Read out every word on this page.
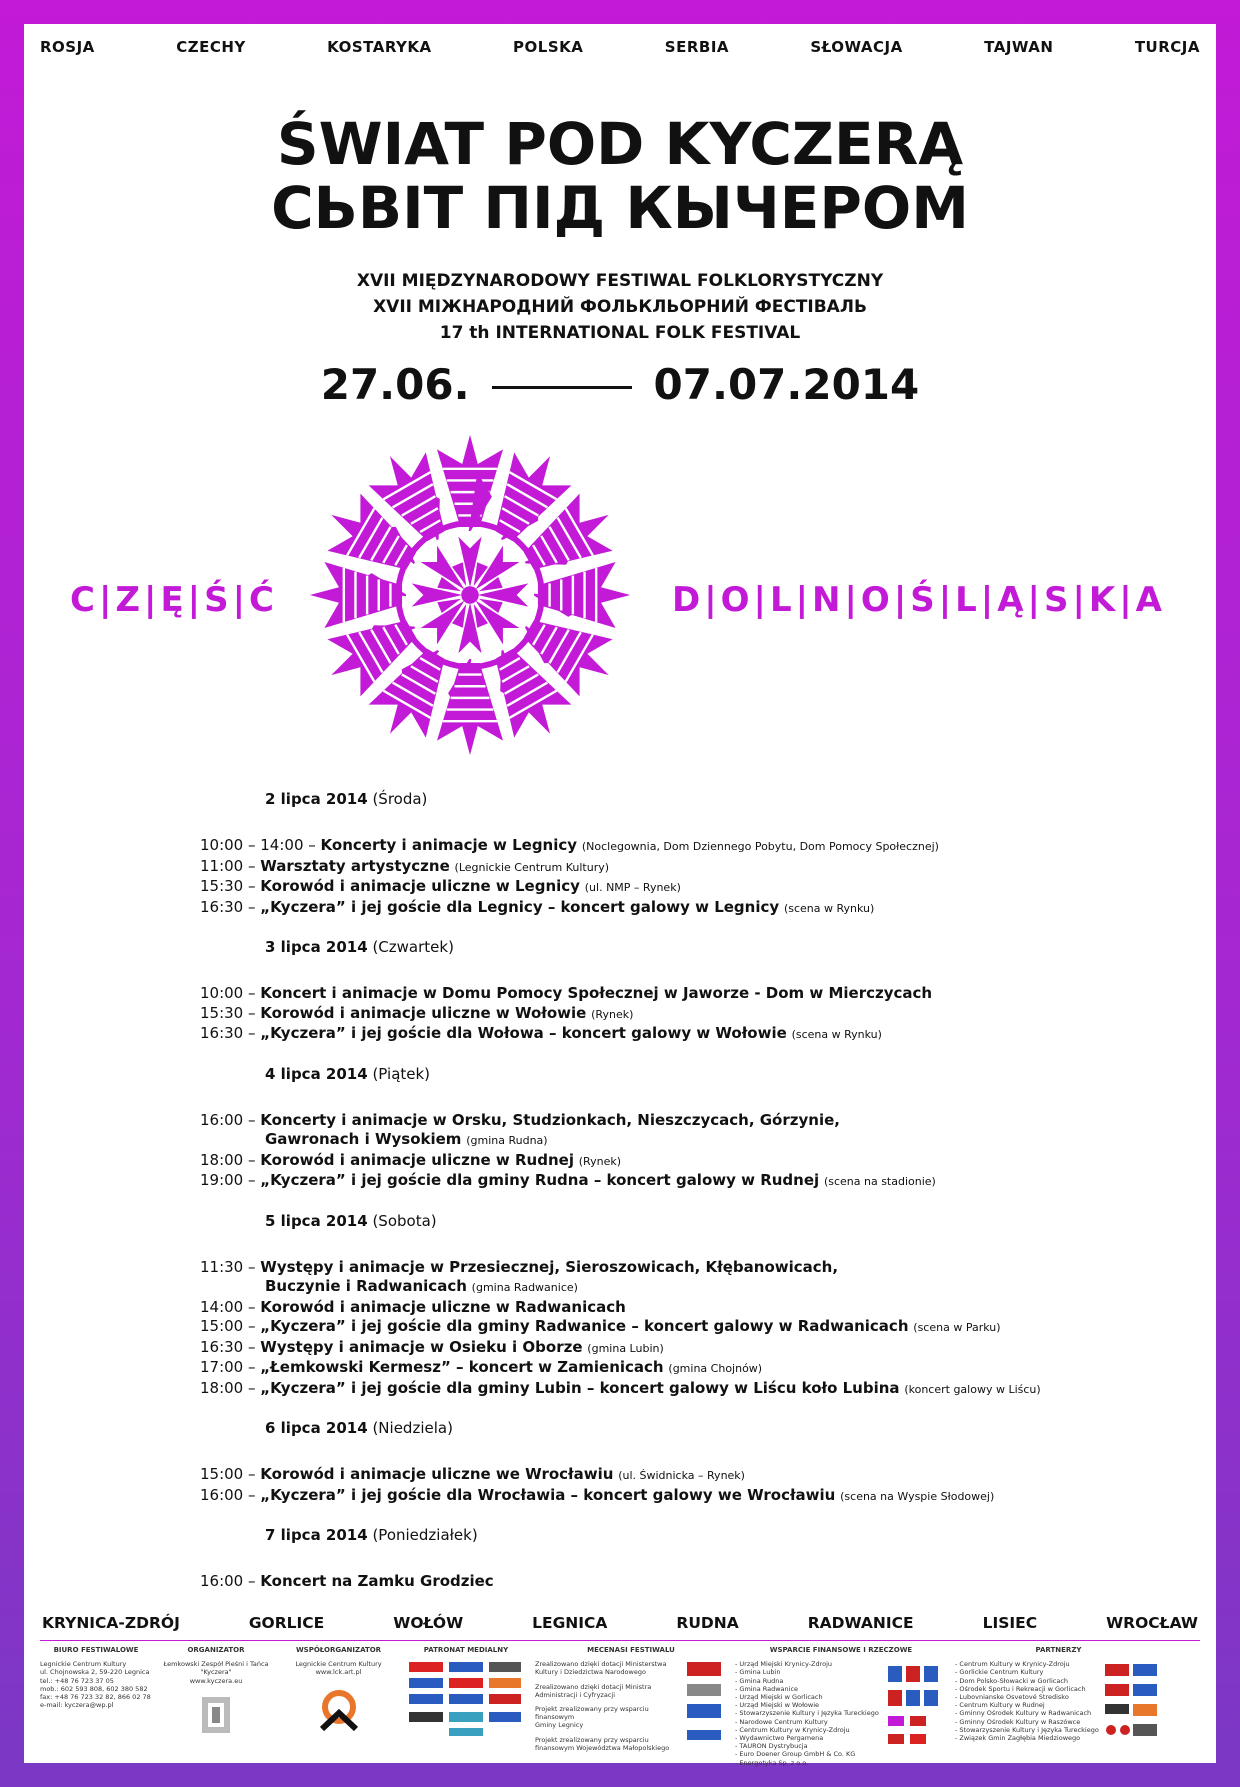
ROSJA	CZECHY	KOSTARYKA	POLSKA	SERBIA	SŁOWACJA	TAJWAN	TURCJA
ŚWIAT POD KYCZERĄ
СЬВІТ ПІД КЫЧЕРОМ
XVII MIĘDZYNARODOWY FESTIWAL FOLKLORYSTYCZNY
XVII МІЖНАРОДНИЙ ФОЛЬКЛЬОРНИЙ ФЕСТІВАЛЬ
17 th INTERNATIONAL FOLK FESTIVAL
27.06.	07.07.2014
C|Z|Ę|Ś|Ć	D|O|L|N|O|Ś|L|Ą|S|K|A
2 lipca 2014 (Środa)
10:00 – 14:00 – Koncerty i animacje w Legnicy (Noclegownia, Dom Dziennego Pobytu, Dom Pomocy Społecznej)
11:00 – Warsztaty artystyczne (Legnickie Centrum Kultury)
15:30 – Korowód i animacje uliczne w Legnicy (ul. NMP – Rynek)
16:30 – „Kyczera” i jej goście dla Legnicy – koncert galowy w Legnicy (scena w Rynku)
3 lipca 2014 (Czwartek)
10:00 – Koncert i animacje w Domu Pomocy Społecznej w Jaworze - Dom w Mierczycach
15:30 – Korowód i animacje uliczne w Wołowie (Rynek)
16:30 – „Kyczera” i jej goście dla Wołowa – koncert galowy w Wołowie (scena w Rynku)
4 lipca 2014 (Piątek)
16:00 – Koncerty i animacje w Orsku, Studzionkach, Nieszczycach, Górzynie,
Gawronach i Wysokiem (gmina Rudna)
18:00 – Korowód i animacje uliczne w Rudnej (Rynek)
19:00 – „Kyczera” i jej goście dla gminy Rudna – koncert galowy w Rudnej (scena na stadionie)
5 lipca 2014 (Sobota)
11:30 – Występy i animacje w Przesiecznej, Sieroszowicach, Kłębanowicach,
Buczynie i Radwanicach (gmina Radwanice)
14:00 – Korowód i animacje uliczne w Radwanicach
15:00 – „Kyczera” i jej goście dla gminy Radwanice – koncert galowy w Radwanicach (scena w Parku)
16:30 – Występy i animacje w Osieku i Oborze (gmina Lubin)
17:00 – „Łemkowski Kermesz” – koncert w Zamienicach (gmina Chojnów)
18:00 – „Kyczera” i jej goście dla gminy Lubin – koncert galowy w Liścu koło Lubina (koncert galowy w Liścu)
6 lipca 2014 (Niedziela)
15:00 – Korowód i animacje uliczne we Wrocławiu (ul. Świdnicka – Rynek)
16:00 – „Kyczera” i jej goście dla Wrocławia – koncert galowy we Wrocławiu (scena na Wyspie Słodowej)
7 lipca 2014 (Poniedziałek)
16:00 – Koncert na Zamku Grodziec
KRYNICA-ZDRÓJ	GORLICE	WOŁÓW	LEGNICA	RUDNA	RADWANICE	LISIEC	WROCŁAW
BIURO FESTIWALOWE
Legnickie Centrum Kultury
ul. Chojnowska 2, 59-220 Legnica
tel.: +48 76 723 37 05
mob.: 602 593 808, 602 380 582
fax: +48 76 723 32 82, 866 02 78
e-mail: kyczera@wp.pl
ORGANIZATOR
Łemkowski Zespół Pieśni i Tańca
"Kyczera"
www.kyczera.eu
WSPÓŁORGANIZATOR
Legnickie Centrum Kultury
www.lck.art.pl
PATRONAT MEDIALNY	MECENASI FESTIWALU
Zrealizowano dzięki dotacji Ministerstwa
Kultury i Dziedzictwa Narodowego
Zrealizowano dzięki dotacji Ministra
Administracji i Cyfryzacji
Projekt zrealizowany przy wsparciu finansowym
Gminy Legnicy
Projekt zrealizowany przy wsparciu
finansowym Województwa Małopolskiego
WSPARCIE FINANSOWE I RZECZOWE
- Urząd Miejski Krynicy-Zdroju
- Gmina Lubin
- Gmina Rudna
- Gmina Radwanice
- Urząd Miejski w Gorlicach
- Urząd Miejski w Wołowie
- Stowarzyszenie Kultury i Języka Tureckiego
- Narodowe Centrum Kultury
- Centrum Kultury w Krynicy-Zdroju
- Wydawnictwo Pergamena
- TAURON Dystrybucja
- Euro Doener Group GmbH & Co. KG
- Energetyka Sp. z o.o.
PARTNERZY
- Centrum Kultury w Krynicy-Zdroju
- Gorlickie Centrum Kultury
- Dom Polsko-Słowacki w Gorlicach
- Ośrodek Sportu i Rekreacji w Gorlicach
- Lubovnianske Osvetové Stredisko
- Centrum Kultury w Rudnej
- Gminny Ośrodek Kultury w Radwanicach
- Gminny Ośrodek Kultury w Raszówce
- Stowarzyszenie Kultury i Języka Tureckiego
- Związek Gmin Zagłębia Miedziowego
